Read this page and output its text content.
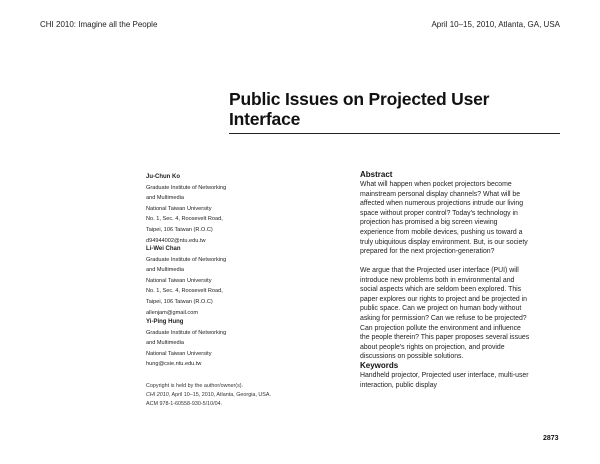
CHI 2010: Imagine all the People	April 10–15, 2010, Atlanta, GA, USA
Public Issues on Projected User
Interface
Ju-Chun Ko
Graduate Institute of Networking
and Multimedia
National Taiwan University
No. 1, Sec. 4, Roosevelt Road,
Taipei, 106 Taiwan (R.O.C)
d94944002@ntu.edu.tw
Li-Wei Chan
Graduate Institute of Networking
and Multimedia
National Taiwan University
No. 1, Sec. 4, Roosevelt Road,
Taipei, 106 Taiwan (R.O.C)
allenjam@gmail.com
Yi-Ping Hung
Graduate Institute of Networking
and Multimedia
National Taiwan University
hung@csie.ntu.edu.tw
Copyright is held by the author/owner(s).
CHI 2010, April 10–15, 2010, Atlanta, Georgia, USA.
ACM 978-1-60558-930-5/10/04.
Abstract
What will happen when pocket projectors become
mainstream personal display channels? What will be
affected when numerous projections intrude our living
space without proper control? Today's technology in
projection has promised a big screen viewing
experience from mobile devices, pushing us toward a
truly ubiquitous display environment. But, is our society
prepared for the next projection-generation?
We argue that the Projected user interface (PUI) will
introduce new problems both in environmental and
social aspects which are seldom been explored. This
paper explores our rights to project and be projected in
public space. Can we project on human body without
asking for permission? Can we refuse to be projected?
Can projection pollute the environment and influence
the people therein? This paper proposes several issues
about people's rights on projection, and provide
discussions on possible solutions.
Keywords
Handheld projector, Projected user interface, multi-user
interaction, public display
2873
